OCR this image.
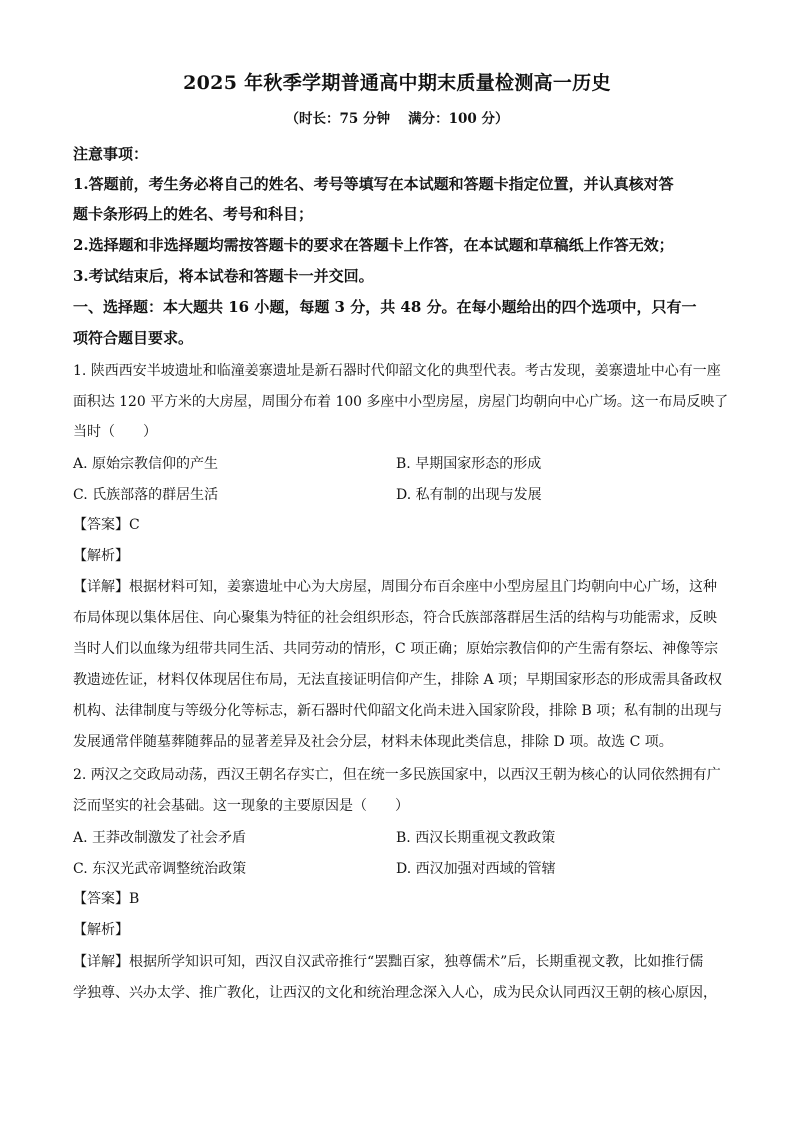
2025 年秋季学期普通高中期末质量检测高一历史
（时长：75 分钟　 满分：100 分）
注意事项：
1.答题前，考生务必将自己的姓名、考号等填写在本试题和答题卡指定位置，并认真核对答
题卡条形码上的姓名、考号和科目；
2.选择题和非选择题均需按答题卡的要求在答题卡上作答，在本试题和草稿纸上作答无效；
3.考试结束后，将本试卷和答题卡一并交回。
一、选择题：本大题共 16 小题，每题 3 分，共 48 分。在每小题给出的四个选项中，只有一
项符合题目要求。
1. 陕西西安半坡遗址和临潼姜寨遗址是新石器时代仰韶文化的典型代表。考古发现，姜寨遗址中心有一座
面积达 120 平方米的大房屋，周围分布着 100 多座中小型房屋，房屋门均朝向中心广场。这一布局反映了
当时（　　）
A. 原始宗教信仰的产生	B. 早期国家形态的形成
C. 氏族部落的群居生活	D. 私有制的出现与发展
【答案】C
【解析】
【详解】根据材料可知，姜寨遗址中心为大房屋，周围分布百余座中小型房屋且门均朝向中心广场，这种
布局体现以集体居住、向心聚集为特征的社会组织形态，符合氏族部落群居生活的结构与功能需求，反映
当时人们以血缘为纽带共同生活、共同劳动的情形，C 项正确；原始宗教信仰的产生需有祭坛、神像等宗
教遗迹佐证，材料仅体现居住布局，无法直接证明信仰产生，排除 A 项；早期国家形态的形成需具备政权
机构、法律制度与等级分化等标志，新石器时代仰韶文化尚未进入国家阶段，排除 B 项；私有制的出现与
发展通常伴随墓葬随葬品的显著差异及社会分层，材料未体现此类信息，排除 D 项。故选 C 项。
2. 两汉之交政局动荡，西汉王朝名存实亡，但在统一多民族国家中，以西汉王朝为核心的认同依然拥有广
泛而坚实的社会基础。这一现象的主要原因是（　　）
A. 王莽改制激发了社会矛盾	B. 西汉长期重视文教政策
C. 东汉光武帝调整统治政策	D. 西汉加强对西域的管辖
【答案】B
【解析】
【详解】根据所学知识可知，西汉自汉武帝推行“罢黜百家，独尊儒术”后，长期重视文教，比如推行儒
学独尊、兴办太学、推广教化，让西汉的文化和统治理念深入人心，成为民众认同西汉王朝的核心原因，
